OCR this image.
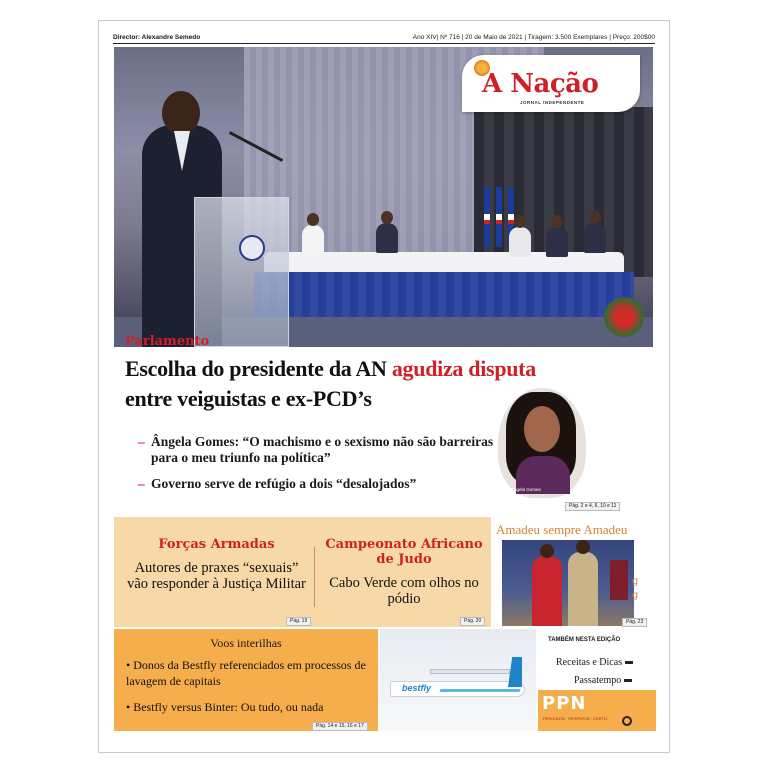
Director: Alexandre Semedo	Ano XIV| Nº 716 | 20 de Maio de 2021 | Tiragem: 3.500 Exemplares | Preço: 200$00
A Nação
JORNAL INDEPENDENTE
Parlamento
Escolha do presidente da AN agudiza disputa
entre veiguistas e ex-PCD’s
– Ângela Gomes: “O machismo e o sexismo não são barreiras para o meu triunfo na política”
– Governo serve de refúgio a dois “desalojados”	Ângela Gomes
Pág. 2 e 4, 6, 10 e 11
Forças Armadas
Autores de praxes “sexuais” vão responder à Justiça Militar
Campeonato Africano de Judo
Cabo Verde com olhos no pódio
Pág. 19	Pág. 20
Amadeu sempre Amadeu
g
g
Pág. 23
Voos interilhas
• Donos da Bestfly referenciados em processos de lavagem de capitais
• Bestfly versus Binter: Ou tudo, ou nada
Pág. 14 e 15, 16 e 17
bestfly
TAMBÉM NESTA EDIÇÃO
Receitas e Dicas
Passatempo
PPN
PERGUNTA · RESPOSTA · CERTO
